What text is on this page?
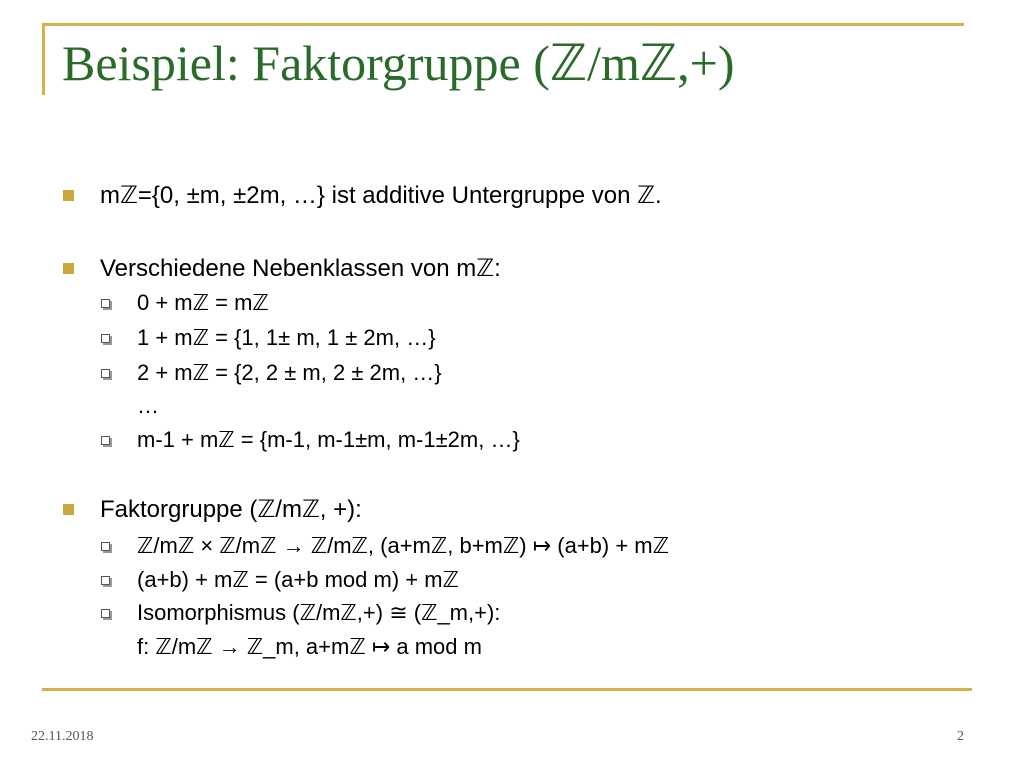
Beispiel: Faktorgruppe (ℤ/mℤ,+)
mℤ={0, ±m, ±2m, …} ist additive Untergruppe von ℤ.
Verschiedene Nebenklassen von mℤ:
0 + mℤ = mℤ
1 + mℤ = {1, 1± m, 1 ± 2m, …}
2 + mℤ = {2, 2 ± m, 2 ± 2m, …}
…
m-1 + mℤ = {m-1, m-1±m, m-1±2m, …}
Faktorgruppe (ℤ/mℤ, +):
ℤ/mℤ × ℤ/mℤ → ℤ/mℤ, (a+mℤ, b+mℤ) ↦ (a+b) + mℤ
(a+b) + mℤ = (a+b mod m) + mℤ
Isomorphismus (ℤ/mℤ,+) ≅ (ℤ_m,+):
f: ℤ/mℤ → ℤ_m, a+mℤ ↦ a mod m
22.11.2018	2
